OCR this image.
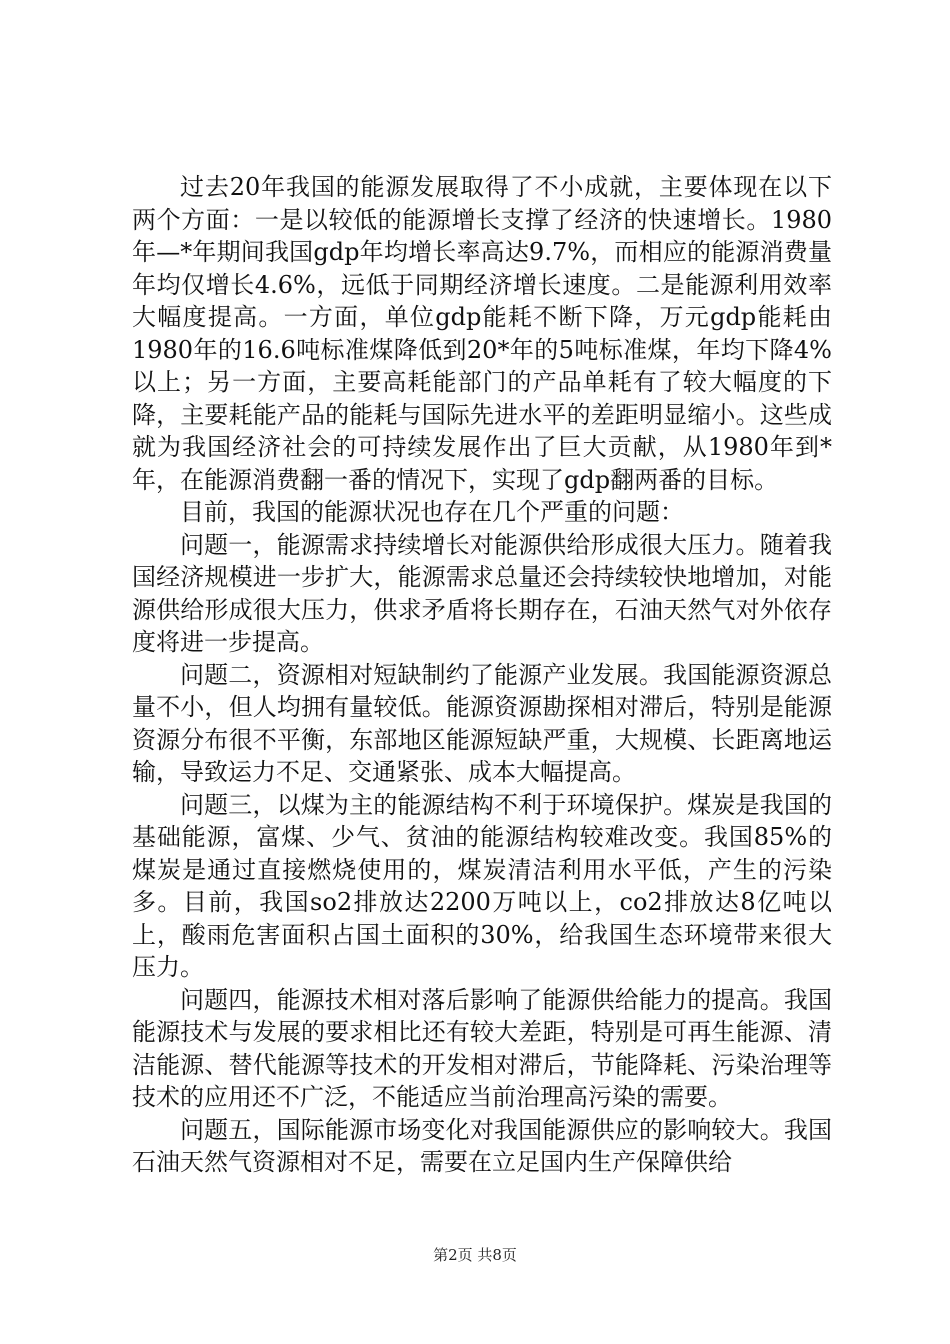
过去20年我国的能源发展取得了不小成就，主要体现在以下两个方面：一是以较低的能源增长支撑了经济的快速增长。1980年—*年期间我国gdp年均增长率高达9.7%，而相应的能源消费量年均仅增长4.6%，远低于同期经济增长速度。二是能源利用效率大幅度提高。一方面，单位gdp能耗不断下降，万元gdp能耗由1980年的16.6吨标准煤降低到20*年的5吨标准煤，年均下降4%以上；另一方面，主要高耗能部门的产品单耗有了较大幅度的下降，主要耗能产品的能耗与国际先进水平的差距明显缩小。这些成就为我国经济社会的可持续发展作出了巨大贡献，从1980年到*年，在能源消费翻一番的情况下，实现了gdp翻两番的目标。

目前，我国的能源状况也存在几个严重的问题：

问题一，能源需求持续增长对能源供给形成很大压力。随着我国经济规模进一步扩大，能源需求总量还会持续较快地增加，对能源供给形成很大压力，供求矛盾将长期存在，石油天然气对外依存度将进一步提高。

问题二，资源相对短缺制约了能源产业发展。我国能源资源总量不小，但人均拥有量较低。能源资源勘探相对滞后，特别是能源资源分布很不平衡，东部地区能源短缺严重，大规模、长距离地运输，导致运力不足、交通紧张、成本大幅提高。

问题三，以煤为主的能源结构不利于环境保护。煤炭是我国的基础能源，富煤、少气、贫油的能源结构较难改变。我国85%的煤炭是通过直接燃烧使用的，煤炭清洁利用水平低，产生的污染多。目前，我国so2排放达2200万吨以上，co2排放达8亿吨以上，酸雨危害面积占国土面积的30%，给我国生态环境带来很大压力。

问题四，能源技术相对落后影响了能源供给能力的提高。我国能源技术与发展的要求相比还有较大差距，特别是可再生能源、清洁能源、替代能源等技术的开发相对滞后，节能降耗、污染治理等技术的应用还不广泛，不能适应当前治理高污染的需要。

问题五，国际能源市场变化对我国能源供应的影响较大。我国石油天然气资源相对不足，需要在立足国内生产保障供给

第2页 共8页
